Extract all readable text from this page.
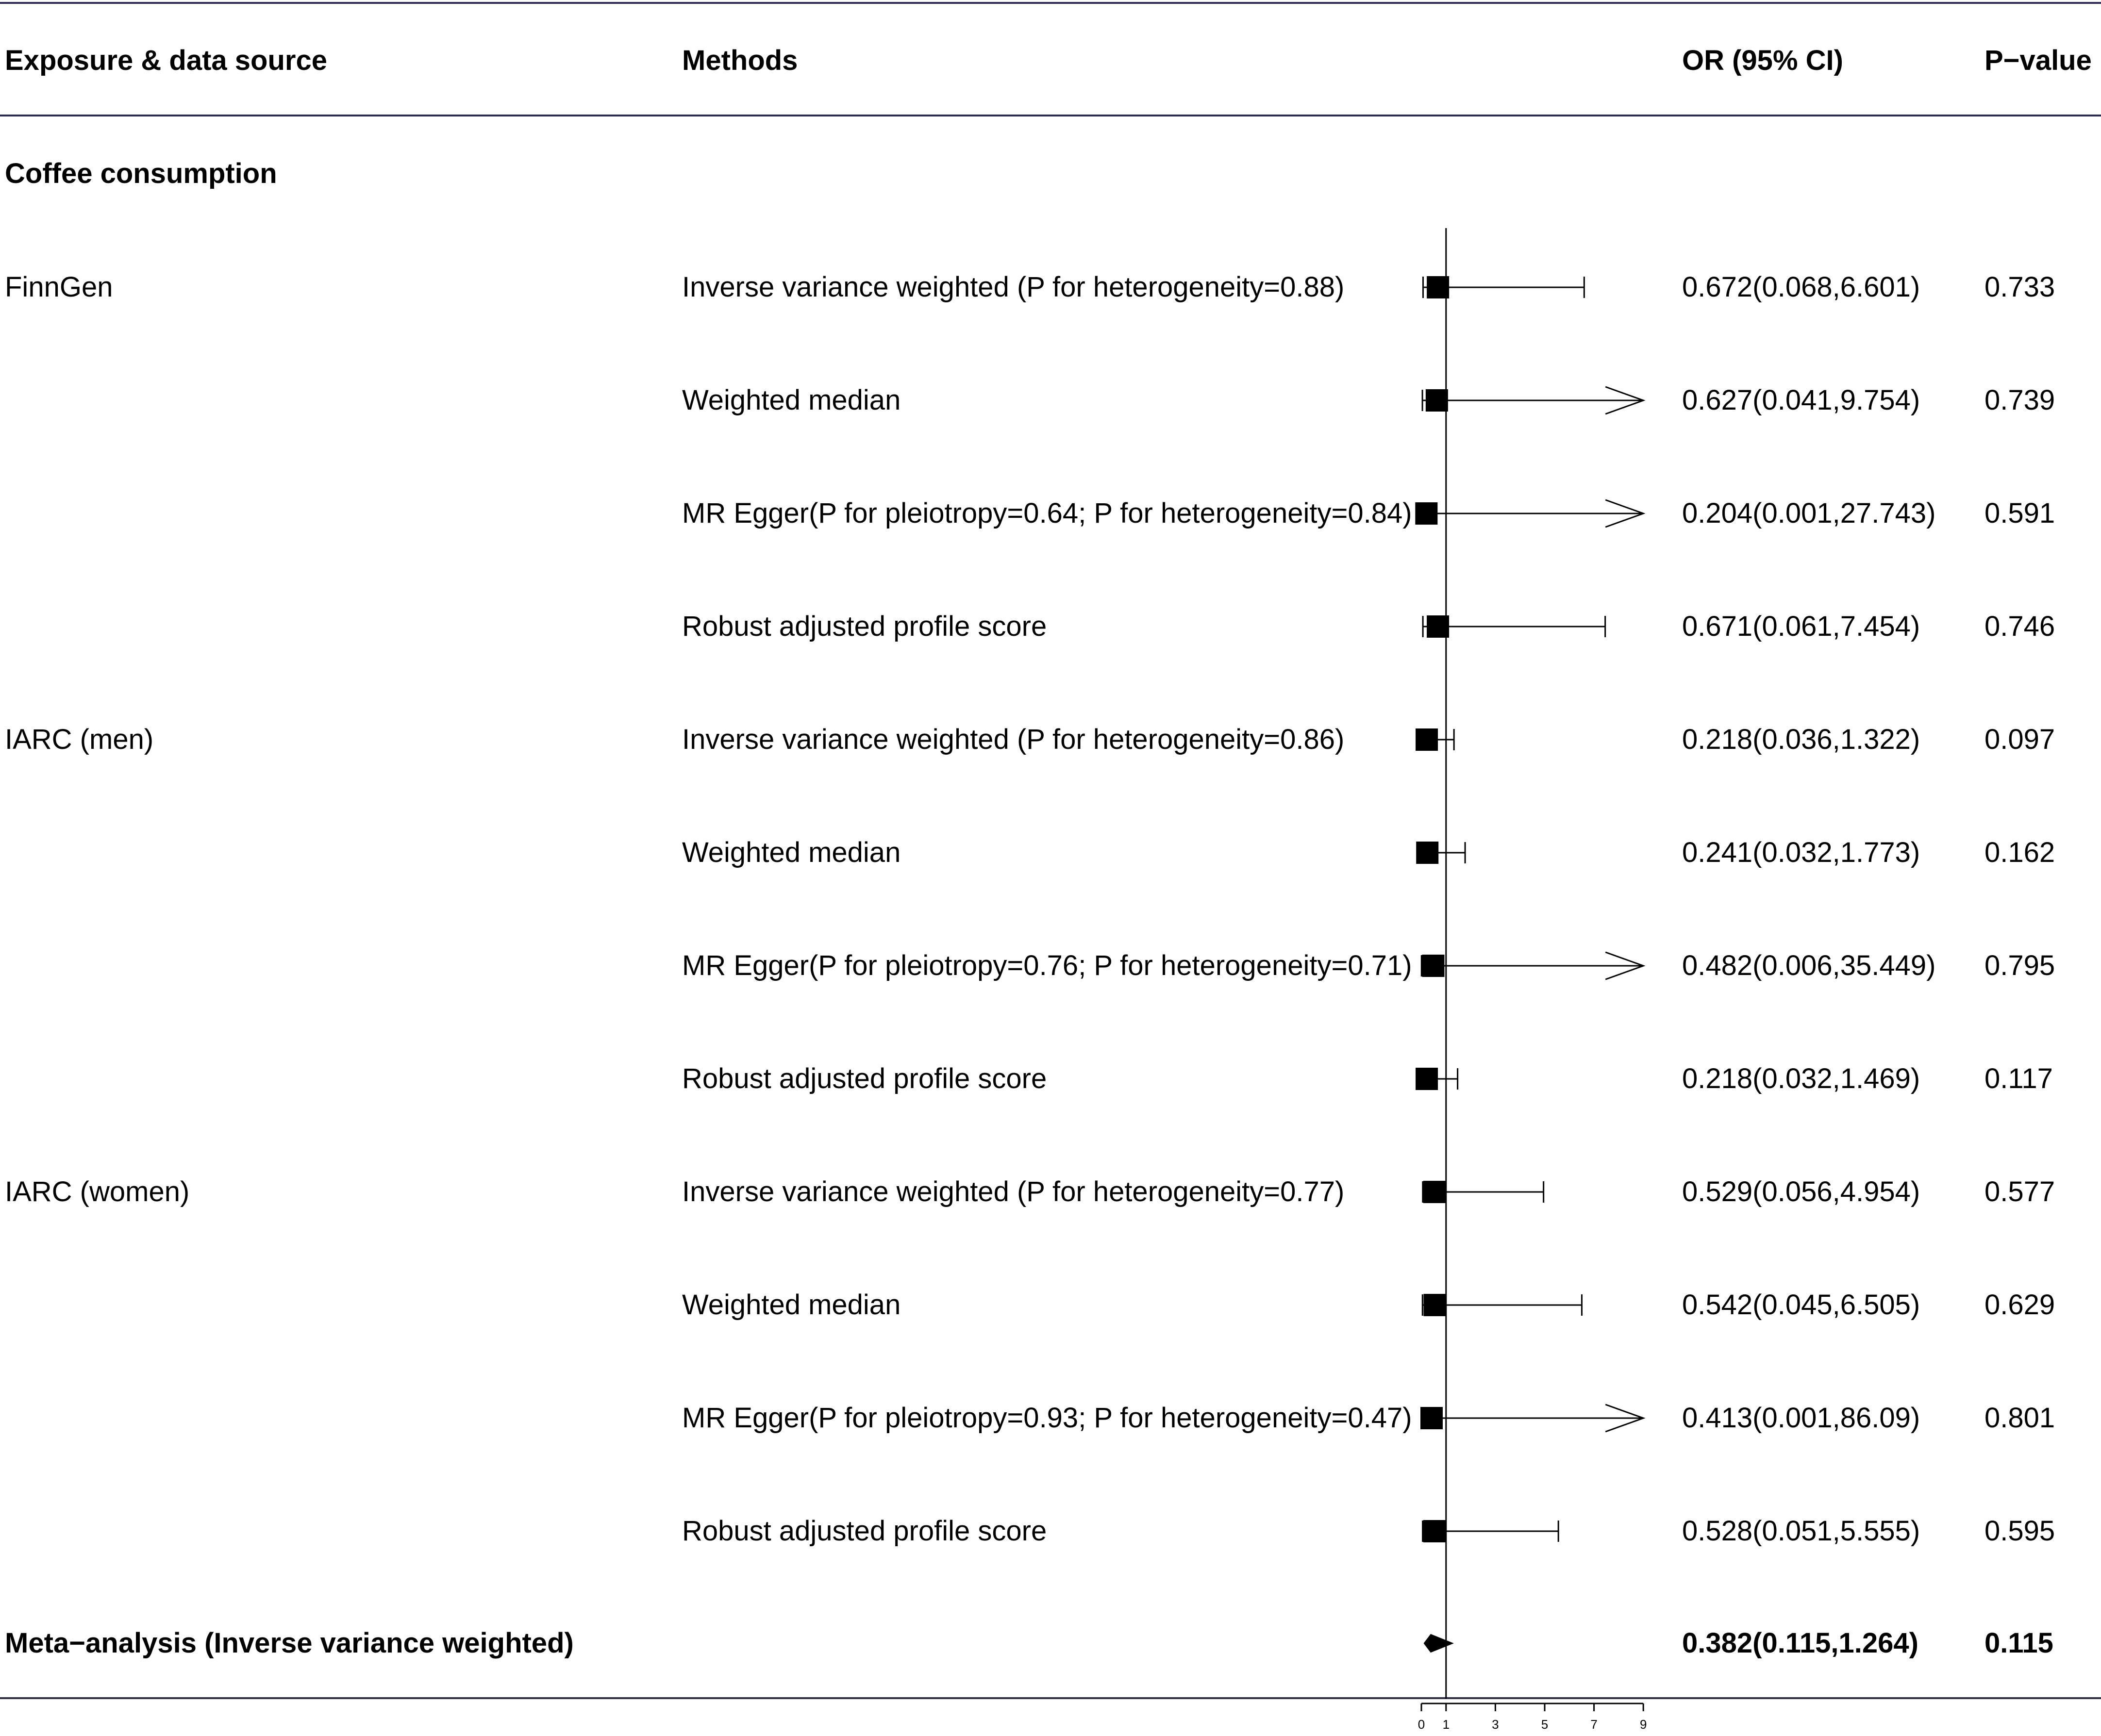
Exposure & data source	Methods	OR (95% CI)	P−value
Coffee consumption
FinnGen	Inverse variance weighted (P for heterogeneity=0.88)	0.672(0.068,6.601) 0.733
Weighted median	0.627(0.041,9.754) 0.739
MR Egger(P for pleiotropy=0.64; P for heterogeneity=0.84)	0.204(0.001,27.743) 0.591
Robust adjusted profile score	0.671(0.061,7.454) 0.746
IARC (men)	Inverse variance weighted (P for heterogeneity=0.86)	0.218(0.036,1.322) 0.097
Weighted median	0.241(0.032,1.773) 0.162
MR Egger(P for pleiotropy=0.76; P for heterogeneity=0.71)	0.482(0.006,35.449) 0.795
Robust adjusted profile score	0.218(0.032,1.469) 0.117
IARC (women)	Inverse variance weighted (P for heterogeneity=0.77)	0.529(0.056,4.954) 0.577
Weighted median	0.542(0.045,6.505) 0.629
MR Egger(P for pleiotropy=0.93; P for heterogeneity=0.47)	0.413(0.001,86.09) 0.801
Robust adjusted profile score	0.528(0.051,5.555) 0.595
Meta−analysis (Inverse variance weighted)	0.382(0.115,1.264) 0.115
0 1	3	5	7	9
